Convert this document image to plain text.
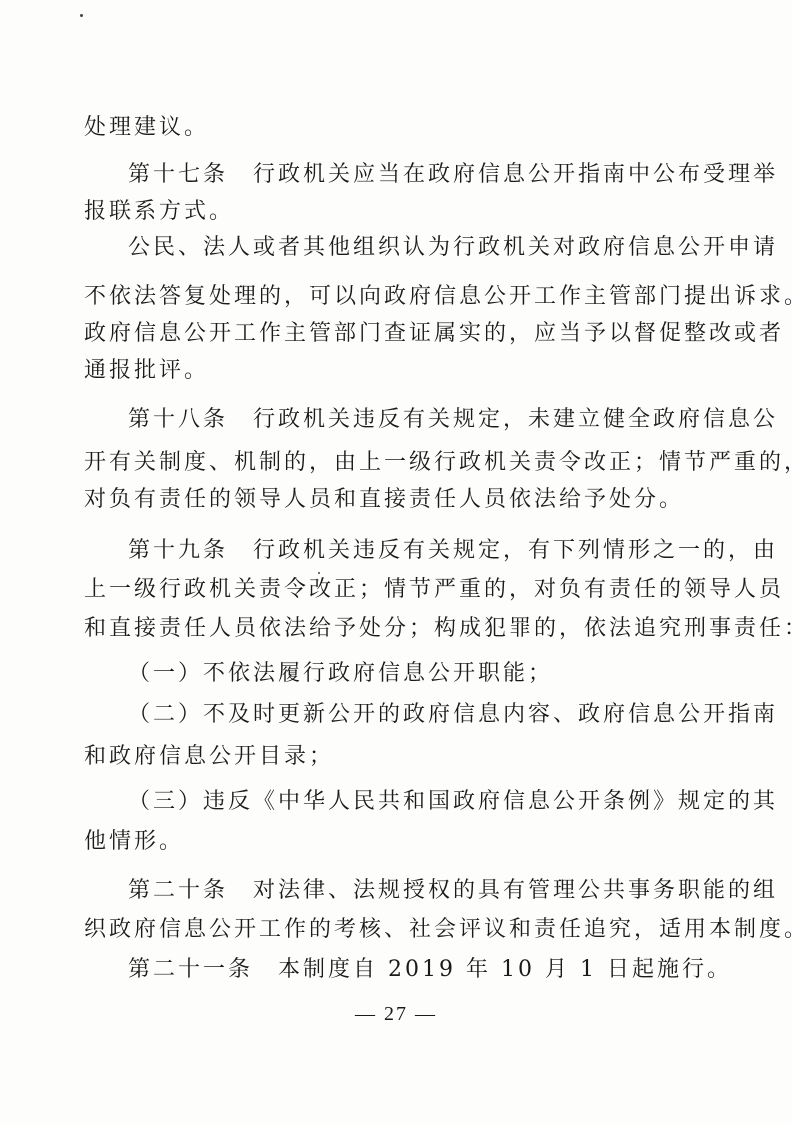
处理建议。
第十七条　行政机关应当在政府信息公开指南中公布受理举
报联系方式。
公民、法人或者其他组织认为行政机关对政府信息公开申请
不依法答复处理的，可以向政府信息公开工作主管部门提出诉求。
政府信息公开工作主管部门查证属实的，应当予以督促整改或者
通报批评。
第十八条　行政机关违反有关规定，未建立健全政府信息公
开有关制度、机制的，由上一级行政机关责令改正；情节严重的，
对负有责任的领导人员和直接责任人员依法给予处分。
第十九条　行政机关违反有关规定，有下列情形之一的，由
上一级行政机关责令改正；情节严重的，对负有责任的领导人员
和直接责任人员依法给予处分；构成犯罪的，依法追究刑事责任：
（一）不依法履行政府信息公开职能；
（二）不及时更新公开的政府信息内容、政府信息公开指南
和政府信息公开目录；
（三）违反《中华人民共和国政府信息公开条例》规定的其
他情形。
第二十条　对法律、法规授权的具有管理公共事务职能的组
织政府信息公开工作的考核、社会评议和责任追究，适用本制度。
第二十一条　本制度自 2019 年 10 月 1 日起施行。
— 27 —
